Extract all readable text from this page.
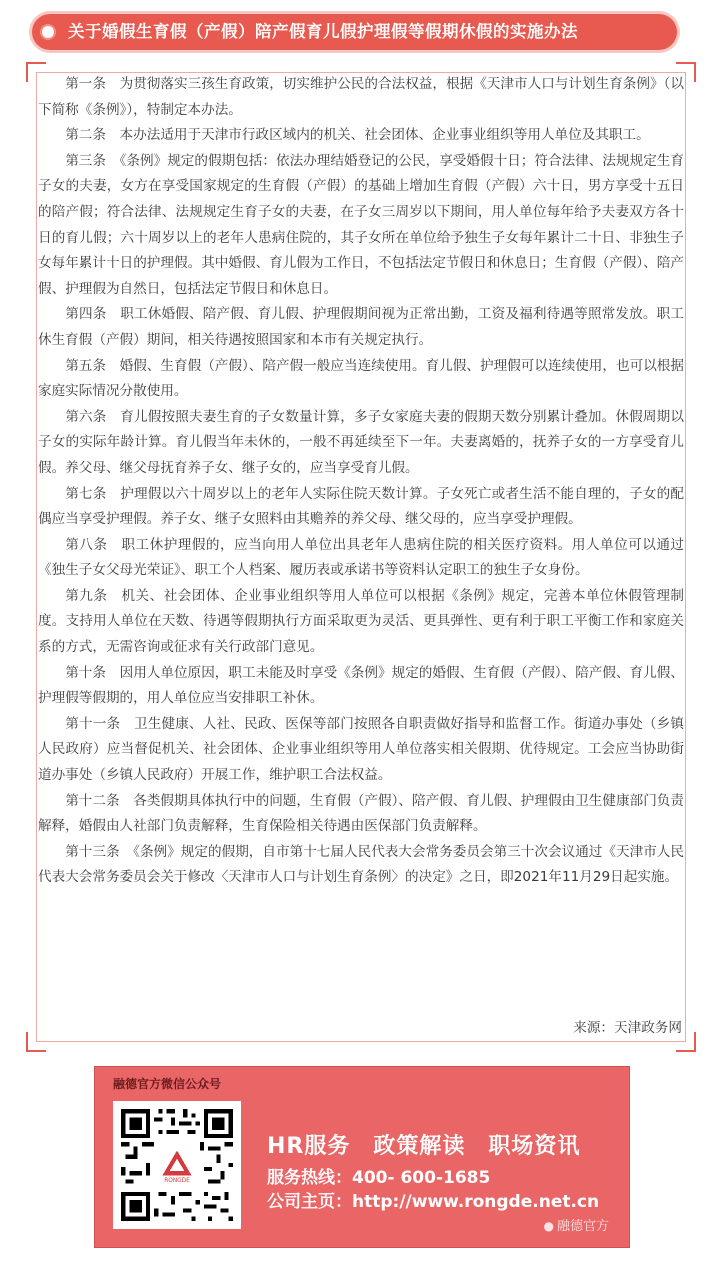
关于婚假生育假（产假）陪产假育儿假护理假等假期休假的实施办法

第一条　为贯彻落实三孩生育政策，切实维护公民的合法权益，根据《天津市人口与计划生育条例》（以下简称《条例》），特制定本办法。

第二条　本办法适用于天津市行政区域内的机关、社会团体、企业事业组织等用人单位及其职工。

第三条　《条例》规定的假期包括：依法办理结婚登记的公民，享受婚假十日；符合法律、法规规定生育子女的夫妻，女方在享受国家规定的生育假（产假）的基础上增加生育假（产假）六十日，男方享受十五日的陪产假；符合法律、法规规定生育子女的夫妻，在子女三周岁以下期间，用人单位每年给予夫妻双方各十日的育儿假；六十周岁以上的老年人患病住院的，其子女所在单位给予独生子女每年累计二十日、非独生子女每年累计十日的护理假。其中婚假、育儿假为工作日，不包括法定节假日和休息日；生育假（产假）、陪产假、护理假为自然日，包括法定节假日和休息日。

第四条　职工休婚假、陪产假、育儿假、护理假期间视为正常出勤，工资及福利待遇等照常发放。职工休生育假（产假）期间，相关待遇按照国家和本市有关规定执行。

第五条　婚假、生育假（产假）、陪产假一般应当连续使用。育儿假、护理假可以连续使用，也可以根据家庭实际情况分散使用。

第六条　育儿假按照夫妻生育的子女数量计算，多子女家庭夫妻的假期天数分别累计叠加。休假周期以子女的实际年龄计算。育儿假当年未休的，一般不再延续至下一年。夫妻离婚的，抚养子女的一方享受育儿假。养父母、继父母抚育养子女、继子女的，应当享受育儿假。

第七条　护理假以六十周岁以上的老年人实际住院天数计算。子女死亡或者生活不能自理的，子女的配偶应当享受护理假。养子女、继子女照料由其赡养的养父母、继父母的，应当享受护理假。

第八条　职工休护理假的，应当向用人单位出具老年人患病住院的相关医疗资料。用人单位可以通过《独生子女父母光荣证》、职工个人档案、履历表或承诺书等资料认定职工的独生子女身份。

第九条　机关、社会团体、企业事业组织等用人单位可以根据《条例》规定，完善本单位休假管理制度。支持用人单位在天数、待遇等假期执行方面采取更为灵活、更具弹性、更有利于职工平衡工作和家庭关系的方式，无需咨询或征求有关行政部门意见。

第十条　因用人单位原因，职工未能及时享受《条例》规定的婚假、生育假（产假）、陪产假、育儿假、护理假等假期的，用人单位应当安排职工补休。

第十一条　卫生健康、人社、民政、医保等部门按照各自职责做好指导和监督工作。街道办事处（乡镇人民政府）应当督促机关、社会团体、企业事业组织等用人单位落实相关假期、优待规定。工会应当协助街道办事处（乡镇人民政府）开展工作，维护职工合法权益。

第十二条　各类假期具体执行中的问题，生育假（产假）、陪产假、育儿假、护理假由卫生健康部门负责解释，婚假由人社部门负责解释，生育保险相关待遇由医保部门负责解释。

第十三条　《条例》规定的假期，自市第十七届人民代表大会常务委员会第三十次会议通过《天津市人民代表大会常务委员会关于修改〈天津市人口与计划生育条例〉的决定》之日，即2021年11月29日起实施。

来源：天津政务网
融德官方微信公众号
RONGDE
HR服务　政策解读　职场资讯
服务热线：400- 600-1685
公司主页：http://www.rongde.net.cn
● 融德官方
